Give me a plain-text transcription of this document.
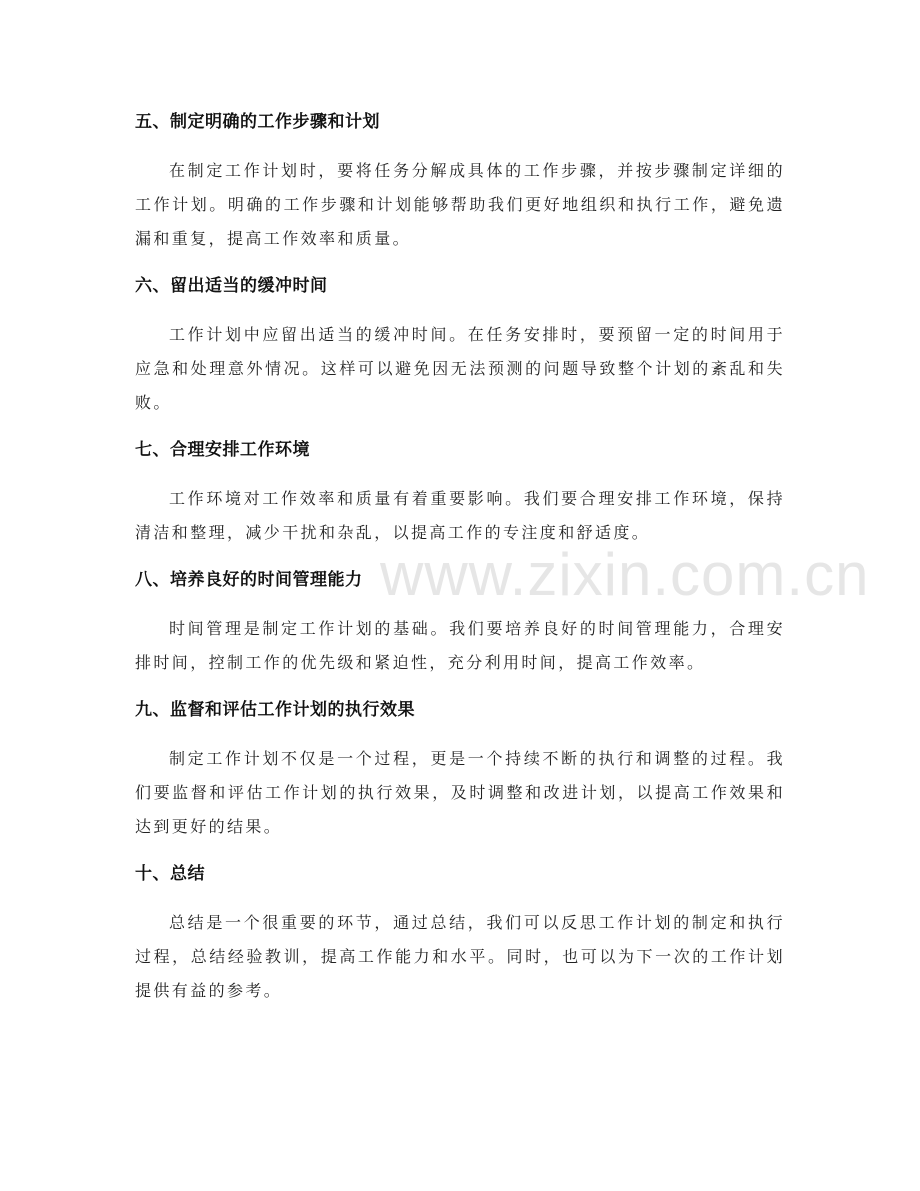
www.zixin.com.cn
五、制定明确的工作步骤和计划

在制定工作计划时，要将任务分解成具体的工作步骤，并按步骤制定详细的工作计划。明确的工作步骤和计划能够帮助我们更好地组织和执行工作，避免遗漏和重复，提高工作效率和质量。

六、留出适当的缓冲时间

工作计划中应留出适当的缓冲时间。在任务安排时，要预留一定的时间用于应急和处理意外情况。这样可以避免因无法预测的问题导致整个计划的紊乱和失败。

七、合理安排工作环境

工作环境对工作效率和质量有着重要影响。我们要合理安排工作环境，保持清洁和整理，减少干扰和杂乱，以提高工作的专注度和舒适度。

八、培养良好的时间管理能力

时间管理是制定工作计划的基础。我们要培养良好的时间管理能力，合理安排时间，控制工作的优先级和紧迫性，充分利用时间，提高工作效率。

九、监督和评估工作计划的执行效果

制定工作计划不仅是一个过程，更是一个持续不断的执行和调整的过程。我们要监督和评估工作计划的执行效果，及时调整和改进计划，以提高工作效果和达到更好的结果。

十、总结

总结是一个很重要的环节，通过总结，我们可以反思工作计划的制定和执行过程，总结经验教训，提高工作能力和水平。同时，也可以为下一次的工作计划提供有益的参考。
